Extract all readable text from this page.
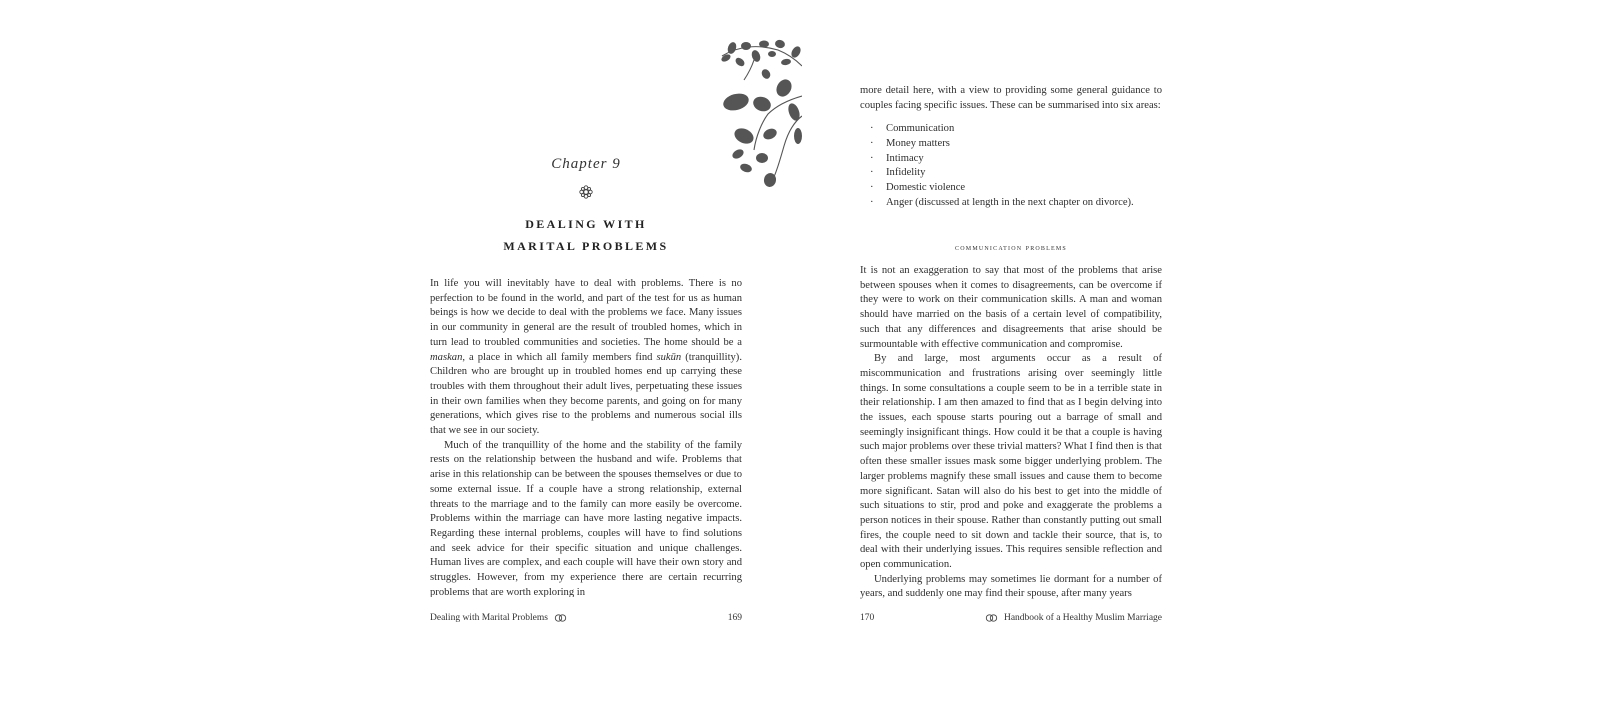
Chapter 9
DEALING WITH
MARITAL PROBLEMS

In life you will inevitably have to deal with problems. There is no perfection to be found in the world, and part of the test for us as human beings is how we decide to deal with the problems we face. Many issues in our community in general are the result of troubled homes, which in turn lead to troubled communities and societies. The home should be a maskan, a place in which all family members find sukūn (tranquillity). Children who are brought up in troubled homes end up carrying these troubles with them throughout their adult lives, perpetuating these issues in their own families when they become parents, and going on for many generations, which gives rise to the problems and numerous social ills that we see in our society.

Much of the tranquillity of the home and the stability of the family rests on the relationship between the husband and wife. Problems that arise in this relationship can be between the spouses themselves or due to some external issue. If a couple have a strong relationship, external threats to the marriage and to the family can more easily be overcome. Problems within the marriage can have more lasting negative impacts. Regarding these internal problems, couples will have to find solutions and seek advice for their specific situation and unique challenges. Human lives are complex, and each couple will have their own story and struggles. However, from my experience there are certain recurring problems that are worth exploring in

Dealing with Marital Problems	169
more detail here, with a view to providing some general guidance to couples facing specific issues. These can be summarised into six areas:
· Communication
· Money matters
· Intimacy
· Infidelity
· Domestic violence
· Anger (discussed at length in the next chapter on divorce).
communication problems

It is not an exaggeration to say that most of the problems that arise between spouses when it comes to disagreements, can be overcome if they were to work on their communication skills. A man and woman should have married on the basis of a certain level of compatibility, such that any differences and disagreements that arise should be surmountable with effective communication and compromise.

By and large, most arguments occur as a result of miscommunication and frustrations arising over seemingly little things. In some consultations a couple seem to be in a terrible state in their relationship. I am then amazed to find that as I begin delving into the issues, each spouse starts pouring out a barrage of small and seemingly insignificant things. How could it be that a couple is having such major problems over these trivial matters? What I find then is that often these smaller issues mask some bigger underlying problem. The larger problems magnify these small issues and cause them to become more significant. Satan will also do his best to get into the middle of such situations to stir, prod and poke and exaggerate the problems a person notices in their spouse. Rather than constantly putting out small fires, the couple need to sit down and tackle their source, that is, to deal with their underlying issues. This requires sensible reflection and open communication.

Underlying problems may sometimes lie dormant for a number of years, and suddenly one may find their spouse, after many years

170	Handbook of a Healthy Muslim Marriage
